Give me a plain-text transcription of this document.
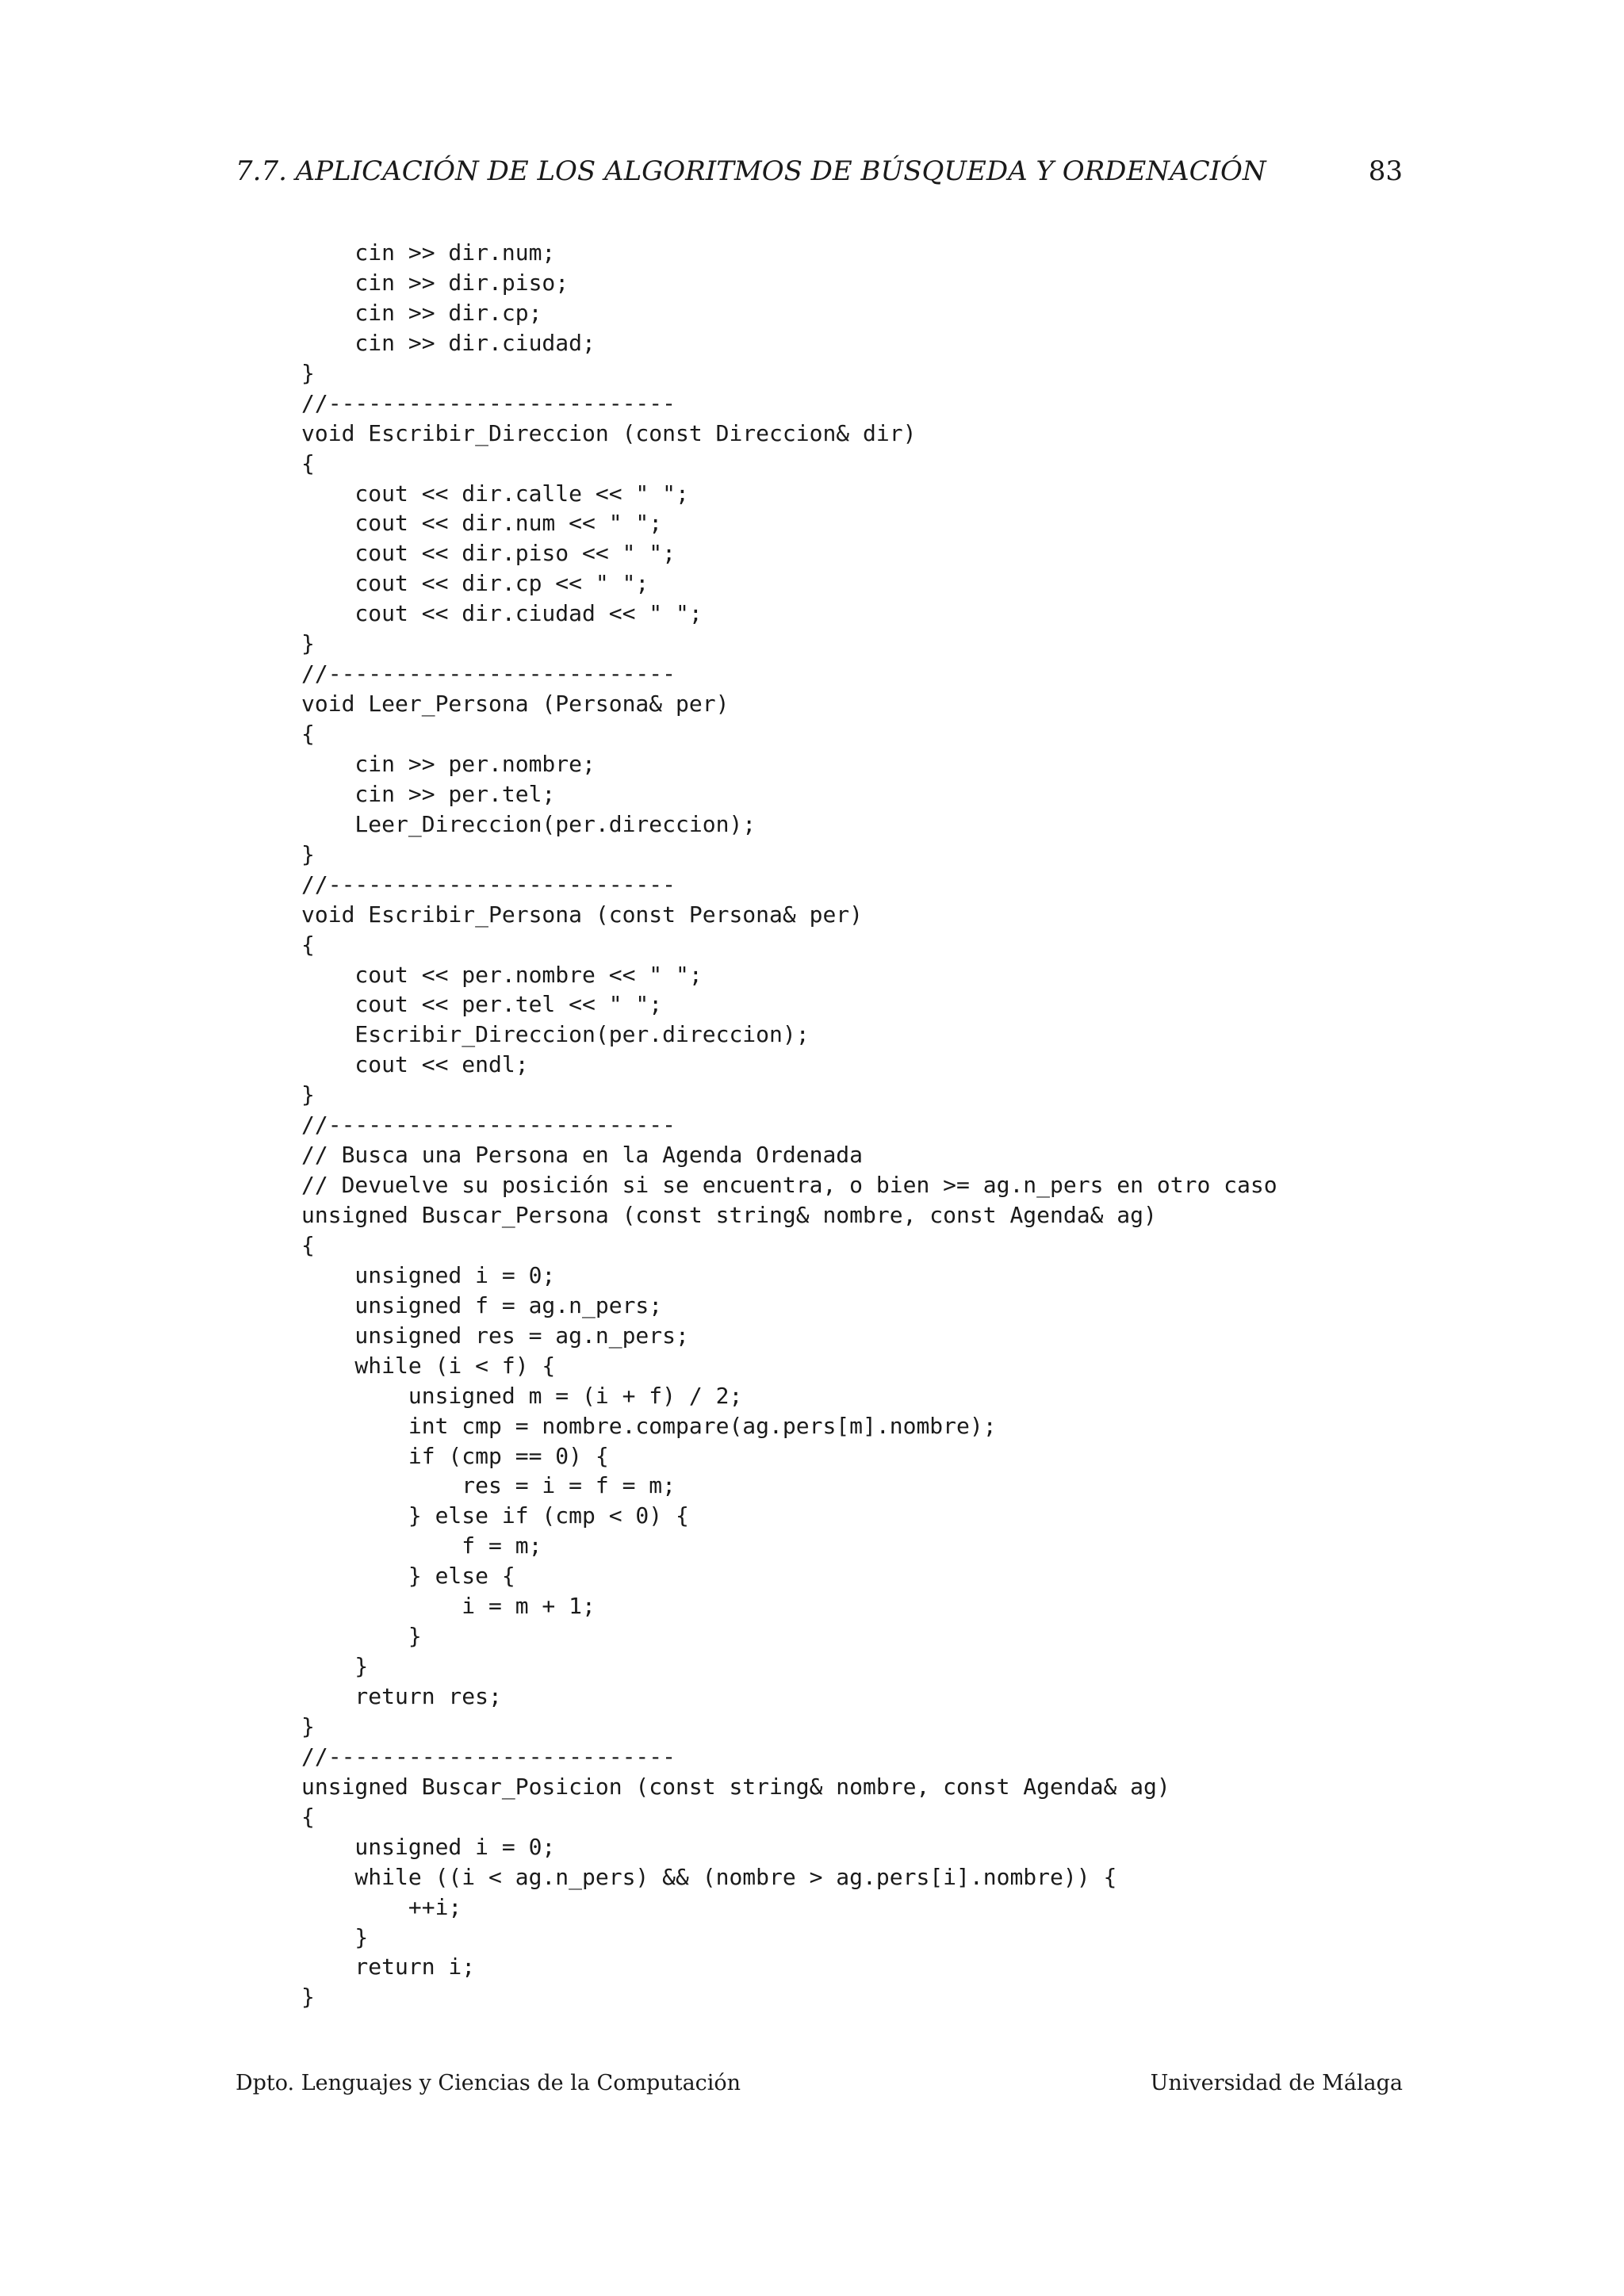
7.7. APLICACIÓN DE LOS ALGORITMOS DE BÚSQUEDA Y ORDENACIÓN	83
cin >> dir.num;
cin >> dir.piso;
cin >> dir.cp;
cin >> dir.ciudad;
}
//--------------------------
void Escribir_Direccion (const Direccion& dir)
{
cout << dir.calle << " ";
cout << dir.num << " ";
cout << dir.piso << " ";
cout << dir.cp << " ";
cout << dir.ciudad << " ";
}
//--------------------------
void Leer_Persona (Persona& per)
{
cin >> per.nombre;
cin >> per.tel;
Leer_Direccion(per.direccion);
}
//--------------------------
void Escribir_Persona (const Persona& per)
{
cout << per.nombre << " ";
cout << per.tel << " ";
Escribir_Direccion(per.direccion);
cout << endl;
}
//--------------------------
// Busca una Persona en la Agenda Ordenada
// Devuelve su posición si se encuentra, o bien >= ag.n_pers en otro caso
unsigned Buscar_Persona (const string& nombre, const Agenda& ag)
{
unsigned i = 0;
unsigned f = ag.n_pers;
unsigned res = ag.n_pers;
while (i < f) {
unsigned m = (i + f) / 2;
int cmp = nombre.compare(ag.pers[m].nombre);
if (cmp == 0) {
res = i = f = m;
} else if (cmp < 0) {
f = m;
} else {
i = m + 1;
}
}
return res;
}
//--------------------------
unsigned Buscar_Posicion (const string& nombre, const Agenda& ag)
{
unsigned i = 0;
while ((i < ag.n_pers) && (nombre > ag.pers[i].nombre)) {
++i;
}
return i;
}
Dpto. Lenguajes y Ciencias de la Computación	Universidad de Málaga
